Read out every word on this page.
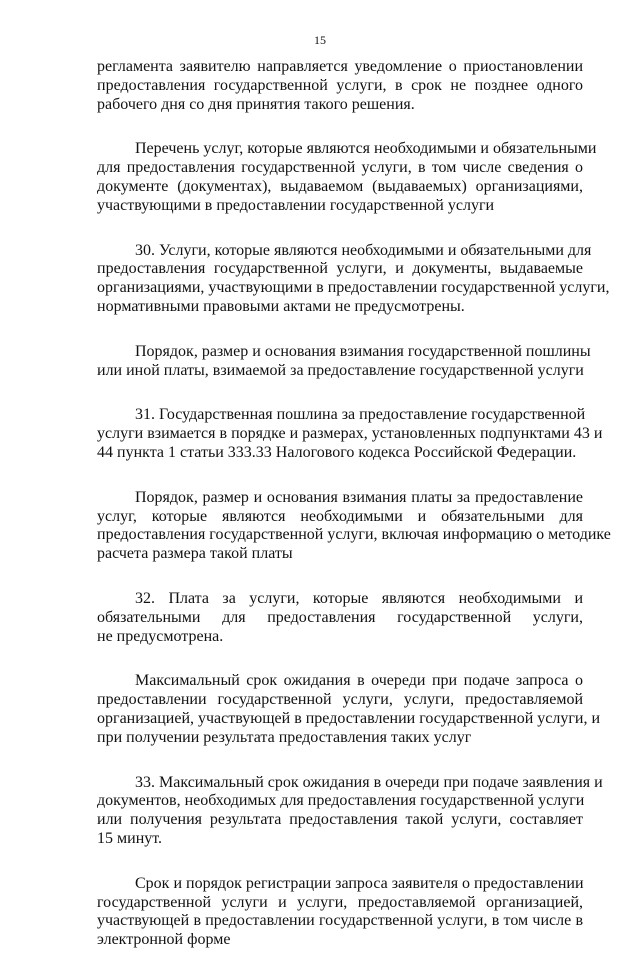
15
регламента заявителю направляется уведомление о приостановлении
предоставления государственной услуги, в срок не позднее одного
рабочего дня со дня принятия такого решения.
Перечень услуг, которые являются необходимыми и обязательными
для предоставления государственной услуги, в том числе сведения о
документе (документах), выдаваемом (выдаваемых) организациями,
участвующими в предоставлении государственной услуги
30. Услуги, которые являются необходимыми и обязательными для
предоставления государственной услуги, и документы, выдаваемые
организациями, участвующими в предоставлении государственной услуги,
нормативными правовыми актами не предусмотрены.
Порядок, размер и основания взимания государственной пошлины
или иной платы, взимаемой за предоставление государственной услуги
31. Государственная пошлина за предоставление государственной
услуги взимается в порядке и размерах, установленных подпунктами 43 и
44 пункта 1 статьи 333.33 Налогового кодекса Российской Федерации.
Порядок, размер и основания взимания платы за предоставление
услуг, которые являются необходимыми и обязательными для
предоставления государственной услуги, включая информацию о методике
расчета размера такой платы
32. Плата за услуги, которые являются необходимыми и
обязательными для предоставления государственной услуги,
не предусмотрена.
Максимальный срок ожидания в очереди при подаче запроса о
предоставлении государственной услуги, услуги, предоставляемой
организацией, участвующей в предоставлении государственной услуги, и
при получении результата предоставления таких услуг
33. Максимальный срок ожидания в очереди при подаче заявления и
документов, необходимых для предоставления государственной услуги
или получения результата предоставления такой услуги, составляет
15 минут.
Срок и порядок регистрации запроса заявителя о предоставлении
государственной услуги и услуги, предоставляемой организацией,
участвующей в предоставлении государственной услуги, в том числе в
электронной форме
